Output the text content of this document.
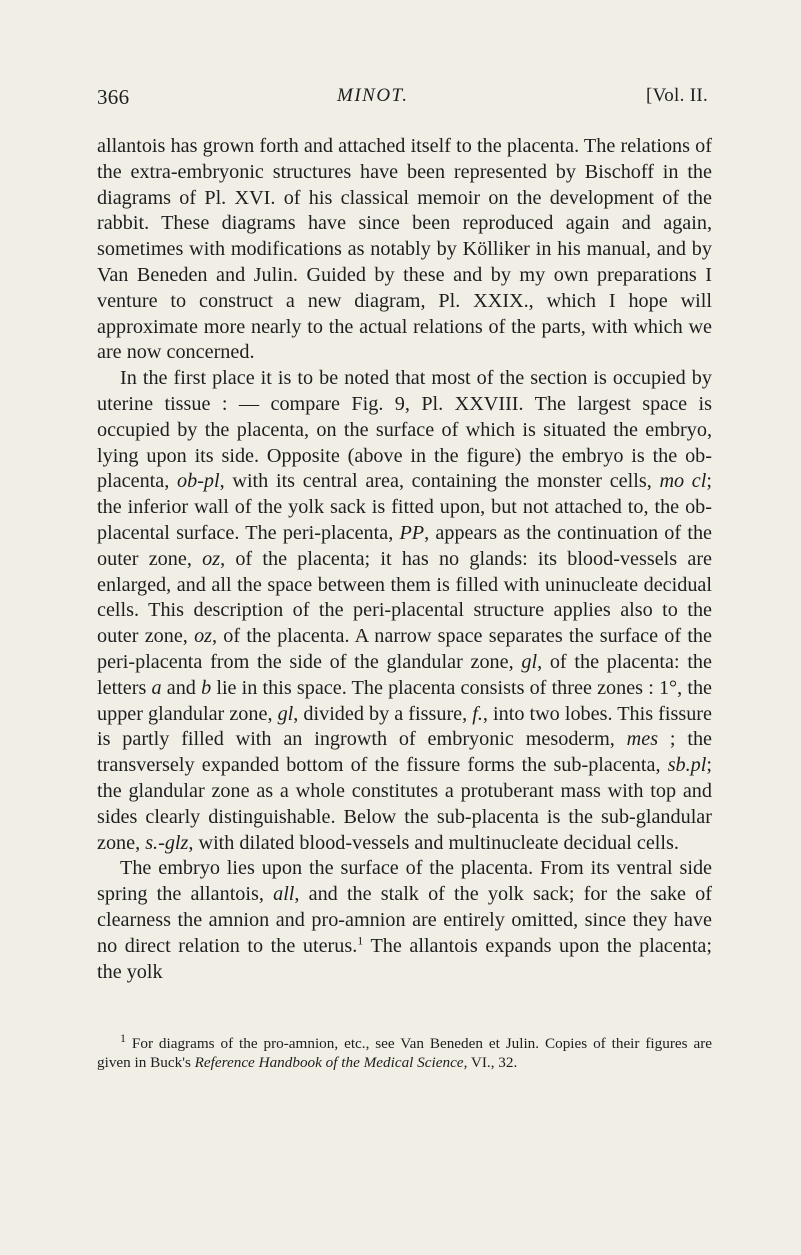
366	MINOT.	[Vol. II.

allantois has grown forth and attached itself to the placenta. The relations of the extra-embryonic structures have been represented by Bischoff in the diagrams of Pl. XVI. of his classical memoir on the development of the rabbit. These diagrams have since been reproduced again and again, sometimes with modifications as notably by Kölliker in his manual, and by Van Beneden and Julin. Guided by these and by my own preparations I venture to construct a new diagram, Pl. XXIX., which I hope will approximate more nearly to the actual relations of the parts, with which we are now concerned.

In the first place it is to be noted that most of the section is occupied by uterine tissue : — compare Fig. 9, Pl. XXVIII. The largest space is occupied by the placenta, on the surface of which is situated the embryo, lying upon its side. Opposite (above in the figure) the embryo is the ob-placenta, ob-pl, with its central area, containing the monster cells, mo cl; the inferior wall of the yolk sack is fitted upon, but not attached to, the ob-placental surface. The peri-placenta, PP, appears as the continuation of the outer zone, oz, of the placenta; it has no glands: its blood-vessels are enlarged, and all the space between them is filled with uninucleate decidual cells. This description of the peri-placental structure applies also to the outer zone, oz, of the placenta. A narrow space separates the surface of the peri-placenta from the side of the glandular zone, gl, of the placenta: the letters a and b lie in this space. The placenta consists of three zones : 1°, the upper glandular zone, gl, divided by a fissure, f., into two lobes. This fissure is partly filled with an ingrowth of embryonic mesoderm, mes ; the transversely expanded bottom of the fissure forms the sub-placenta, sb.pl; the glandular zone as a whole constitutes a protuberant mass with top and sides clearly distinguishable. Below the sub-placenta is the sub-glandular zone, s.-glz, with dilated blood-vessels and multinucleate decidual cells.

The embryo lies upon the surface of the placenta. From its ventral side spring the allantois, all, and the stalk of the yolk sack; for the sake of clearness the amnion and pro-amnion are entirely omitted, since they have no direct relation to the uterus.$^1$ The allantois expands upon the placenta; the yolk

$^1$ For diagrams of the pro-amnion, etc., see Van Beneden et Julin. Copies of their figures are given in Buck's Reference Handbook of the Medical Science, VI., 32.
